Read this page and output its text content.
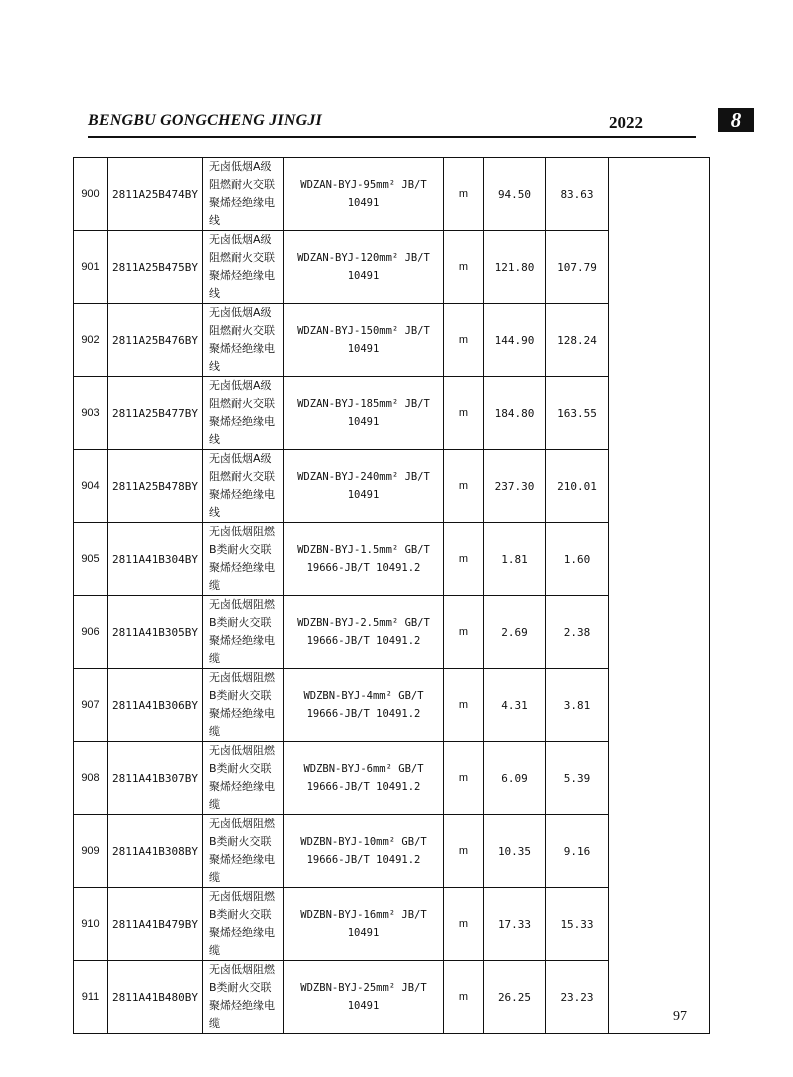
BENGBU GONGCHENG JINGJI	2022	8
900	2811A25B474BY	无卤低烟A级阻燃耐火交联聚烯烃绝缘电线	WDZAN-BYJ-95mm² JB/T 10491	m	94.50	83.63	
901	2811A25B475BY	无卤低烟A级阻燃耐火交联聚烯烃绝缘电线	WDZAN-BYJ-120mm² JB/T 10491	m	121.80	107.79	
902	2811A25B476BY	无卤低烟A级阻燃耐火交联聚烯烃绝缘电线	WDZAN-BYJ-150mm² JB/T 10491	m	144.90	128.24	
903	2811A25B477BY	无卤低烟A级阻燃耐火交联聚烯烃绝缘电线	WDZAN-BYJ-185mm² JB/T 10491	m	184.80	163.55	
904	2811A25B478BY	无卤低烟A级阻燃耐火交联聚烯烃绝缘电线	WDZAN-BYJ-240mm² JB/T 10491	m	237.30	210.01	
905	2811A41B304BY	无卤低烟阻燃B类耐火交联聚烯烃绝缘电缆	WDZBN-BYJ-1.5mm² GB/T 19666-JB/T 10491.2	m	1.81	1.60	
906	2811A41B305BY	无卤低烟阻燃B类耐火交联聚烯烃绝缘电缆	WDZBN-BYJ-2.5mm² GB/T 19666-JB/T 10491.2	m	2.69	2.38	
907	2811A41B306BY	无卤低烟阻燃B类耐火交联聚烯烃绝缘电缆	WDZBN-BYJ-4mm² GB/T 19666-JB/T 10491.2	m	4.31	3.81	
908	2811A41B307BY	无卤低烟阻燃B类耐火交联聚烯烃绝缘电缆	WDZBN-BYJ-6mm² GB/T 19666-JB/T 10491.2	m	6.09	5.39	
909	2811A41B308BY	无卤低烟阻燃B类耐火交联聚烯烃绝缘电缆	WDZBN-BYJ-10mm² GB/T 19666-JB/T 10491.2	m	10.35	9.16	
910	2811A41B479BY	无卤低烟阻燃B类耐火交联聚烯烃绝缘电缆	WDZBN-BYJ-16mm² JB/T 10491	m	17.33	15.33	
911	2811A41B480BY	无卤低烟阻燃B类耐火交联聚烯烃绝缘电缆	WDZBN-BYJ-25mm² JB/T 10491	m	26.25	23.23	
97
